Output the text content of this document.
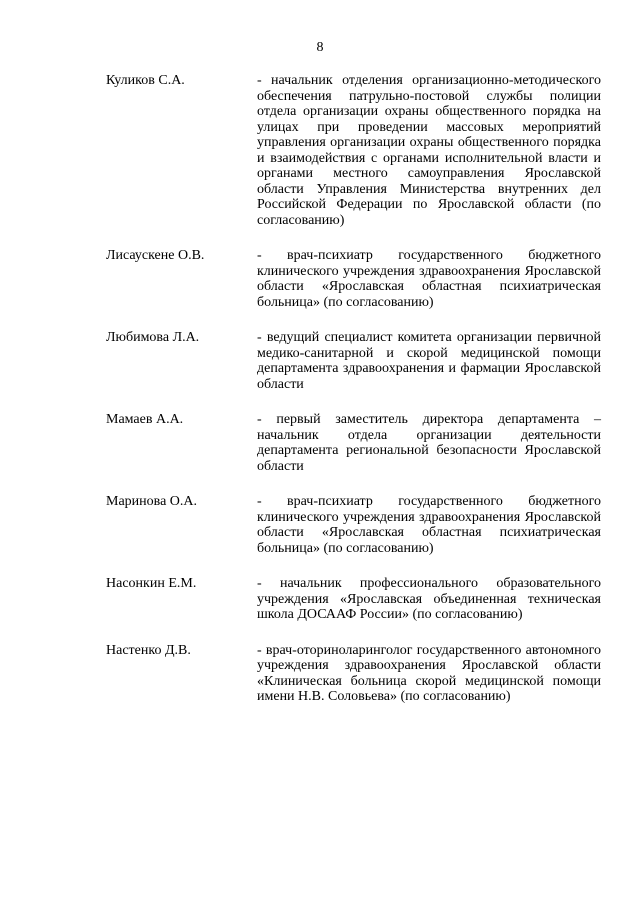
8
Куликов С.А.	- начальник отделения организационно-методического обеспечения патрульно-постовой службы полиции отдела организации охраны общественного порядка на улицах при проведении массовых мероприятий управления организации охраны общественного порядка и взаимодействия с органами исполнительной власти и органами местного самоуправления Ярославской области Управления Министерства внутренних дел Российской Федерации по Ярославской области (по согласованию)
Лисаускене О.В.	- врач-психиатр государственного бюджетного клинического учреждения здравоохранения Ярославской области «Ярославская областная психиатрическая больница» (по согласованию)
Любимова Л.А.	- ведущий специалист комитета организации первичной медико-санитарной и скорой медицинской помощи департамента здравоохранения и фармации Ярославской области
Мамаев А.А.	- первый заместитель директора департамента – начальник отдела организации деятельности департамента региональной безопасности Ярославской области
Маринова О.А.	- врач-психиатр государственного бюджетного клинического учреждения здравоохранения Ярославской области «Ярославская областная психиатрическая больница» (по согласованию)
Насонкин Е.М.	- начальник профессионального образовательного учреждения «Ярославская объединенная техническая школа ДОСААФ России» (по согласованию)
Настенко Д.В.	- врач-оториноларинголог государственного автономного учреждения здравоохранения Ярославской области «Клиническая больница скорой медицинской помощи имени Н.В. Соловьева» (по согласованию)
